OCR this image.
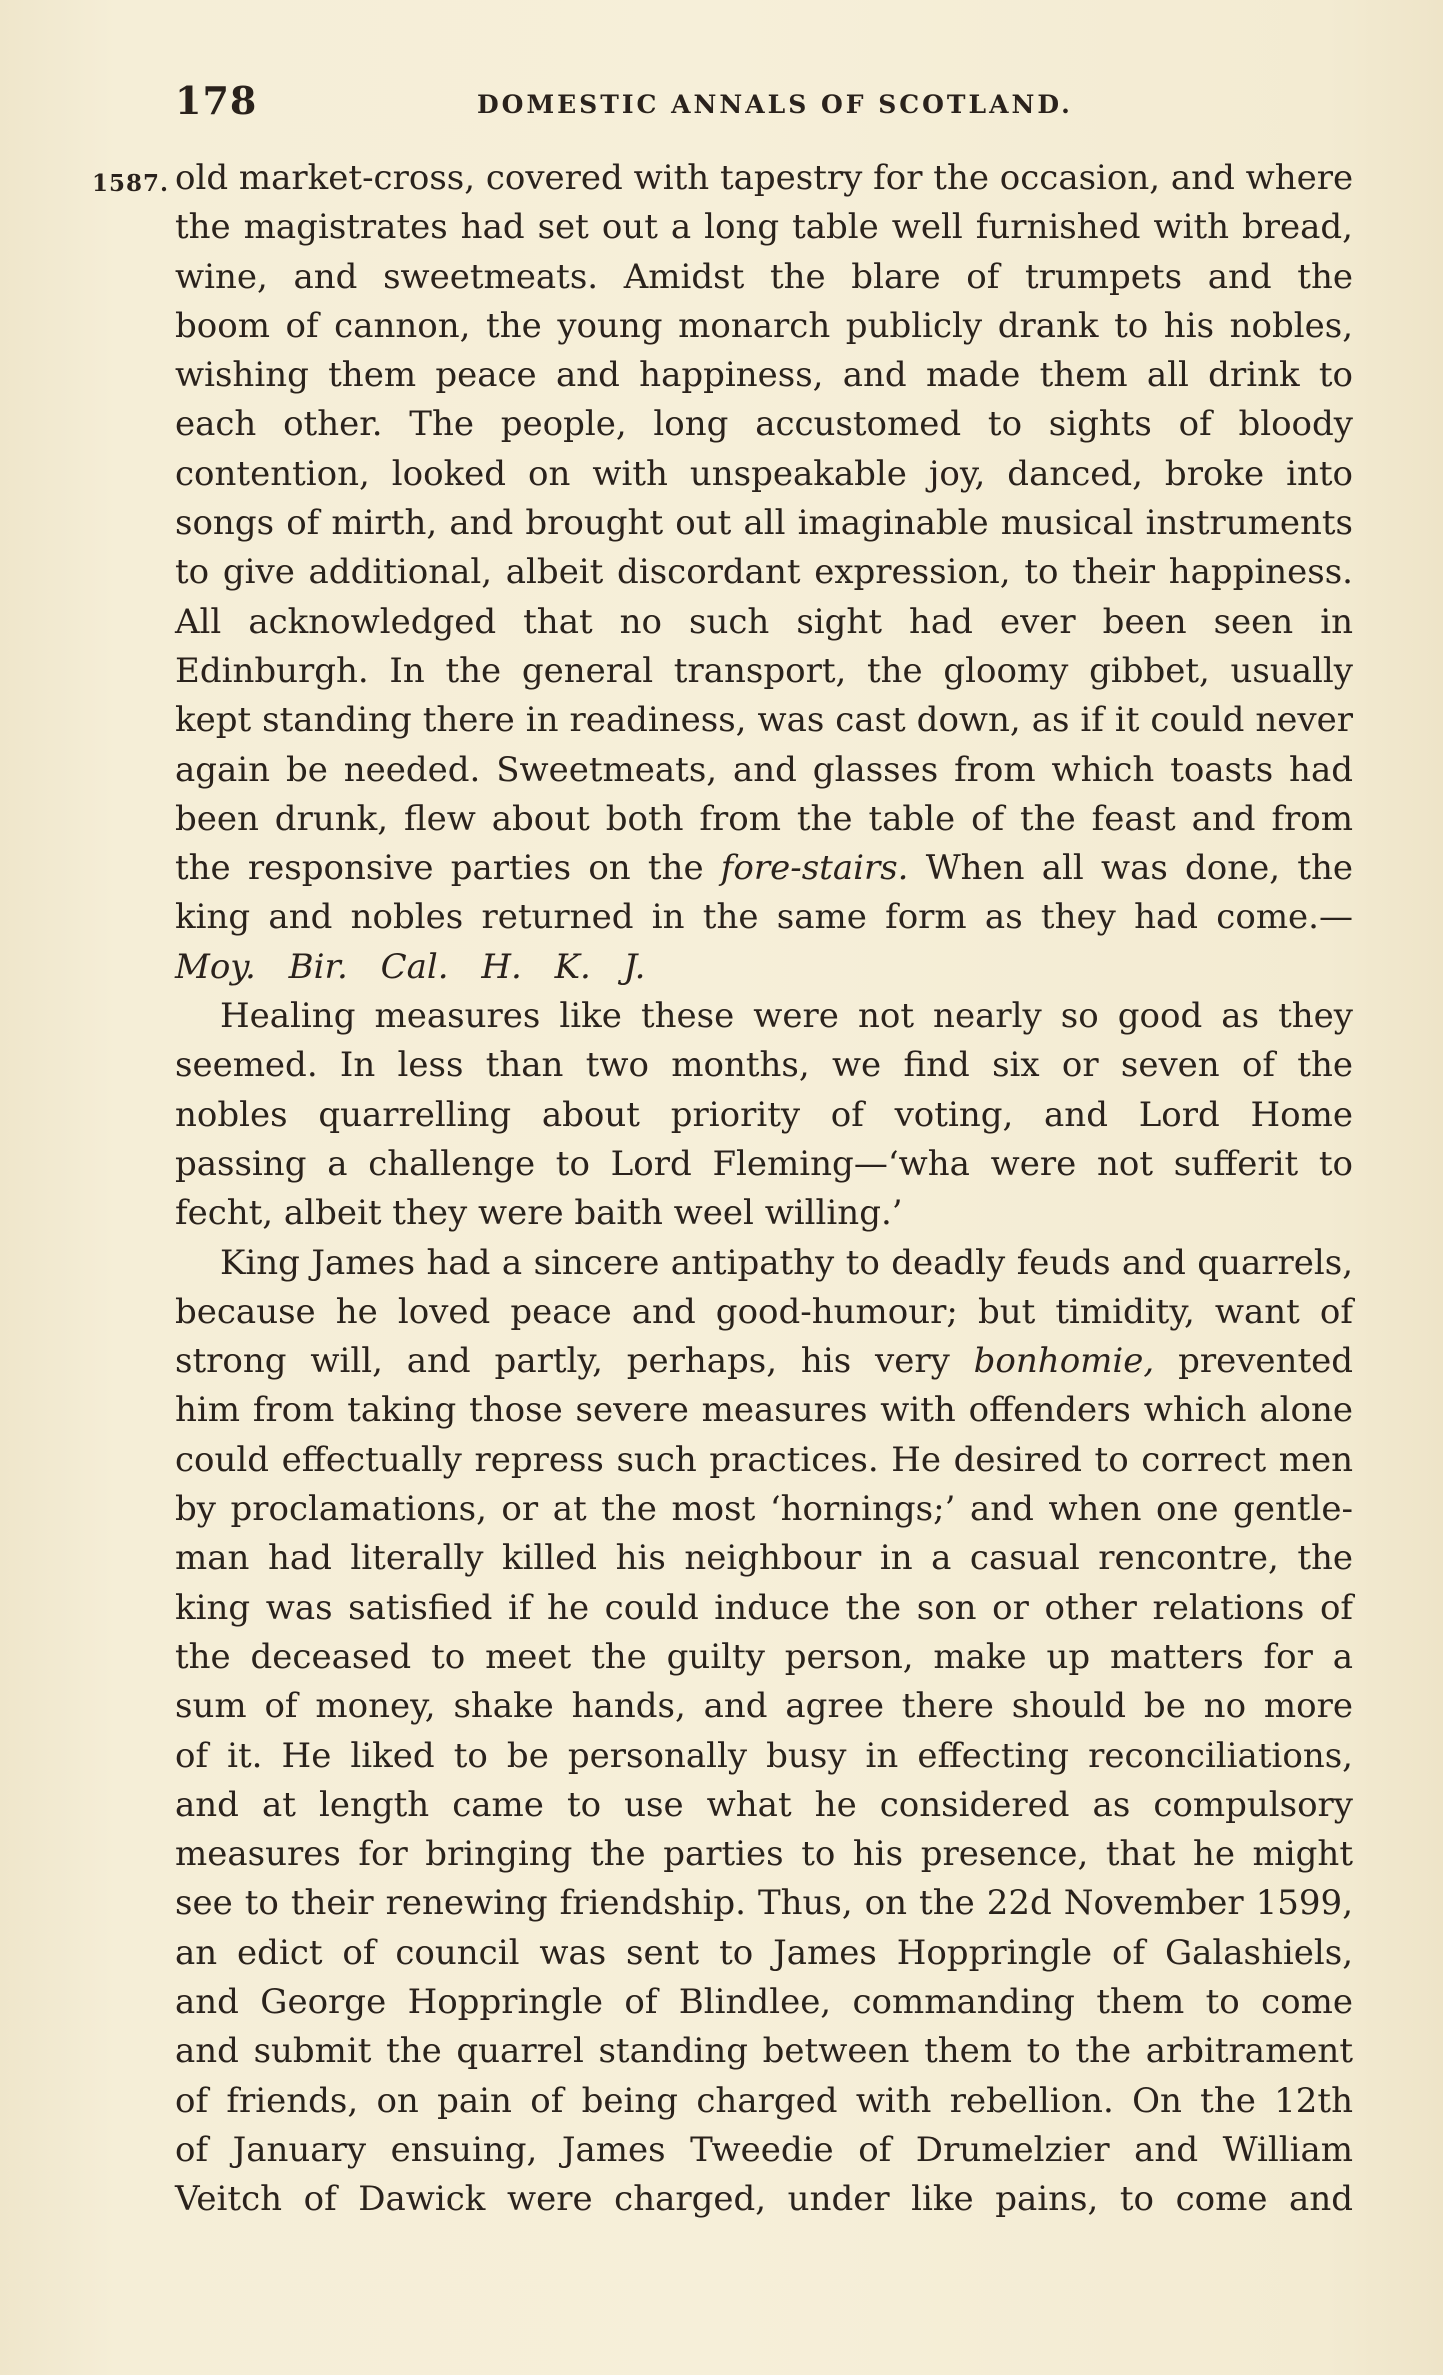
178	DOMESTIC ANNALS OF SCOTLAND.
1587. old market-cross, covered with tapestry for the occasion, and where
the magistrates had set out a long table well furnished with bread,
wine, and sweetmeats. Amidst the blare of trumpets and the
boom of cannon, the young monarch publicly drank to his nobles,
wishing them peace and happiness, and made them all drink to
each other. The people, long accustomed to sights of bloody
contention, looked on with unspeakable joy, danced, broke into
songs of mirth, and brought out all imaginable musical instruments
to give additional, albeit discordant expression, to their happiness.
All acknowledged that no such sight had ever been seen in
Edinburgh. In the general transport, the gloomy gibbet, usually
kept standing there in readiness, was cast down, as if it could never
again be needed. Sweetmeats, and glasses from which toasts had
been drunk, flew about both from the table of the feast and from
the responsive parties on the fore-stairs. When all was done, the
king and nobles returned in the same form as they had come.—
Moy. Bir. Cal. H. K. J.
Healing measures like these were not nearly so good as they
seemed. In less than two months, we find six or seven of the
nobles quarrelling about priority of voting, and Lord Home
passing a challenge to Lord Fleming—‘wha were not sufferit to
fecht, albeit they were baith weel willing.’
King James had a sincere antipathy to deadly feuds and quarrels,
because he loved peace and good-humour; but timidity, want of
strong will, and partly, perhaps, his very bonhomie, prevented
him from taking those severe measures with offenders which alone
could effectually repress such practices. He desired to correct men
by proclamations, or at the most ‘hornings;’ and when one gentle-
man had literally killed his neighbour in a casual rencontre, the
king was satisfied if he could induce the son or other relations of
the deceased to meet the guilty person, make up matters for a
sum of money, shake hands, and agree there should be no more
of it. He liked to be personally busy in effecting reconciliations,
and at length came to use what he considered as compulsory
measures for bringing the parties to his presence, that he might
see to their renewing friendship. Thus, on the 22d November 1599,
an edict of council was sent to James Hoppringle of Galashiels,
and George Hoppringle of Blindlee, commanding them to come
and submit the quarrel standing between them to the arbitrament
of friends, on pain of being charged with rebellion. On the 12th
of January ensuing, James Tweedie of Drumelzier and William
Veitch of Dawick were charged, under like pains, to come and
